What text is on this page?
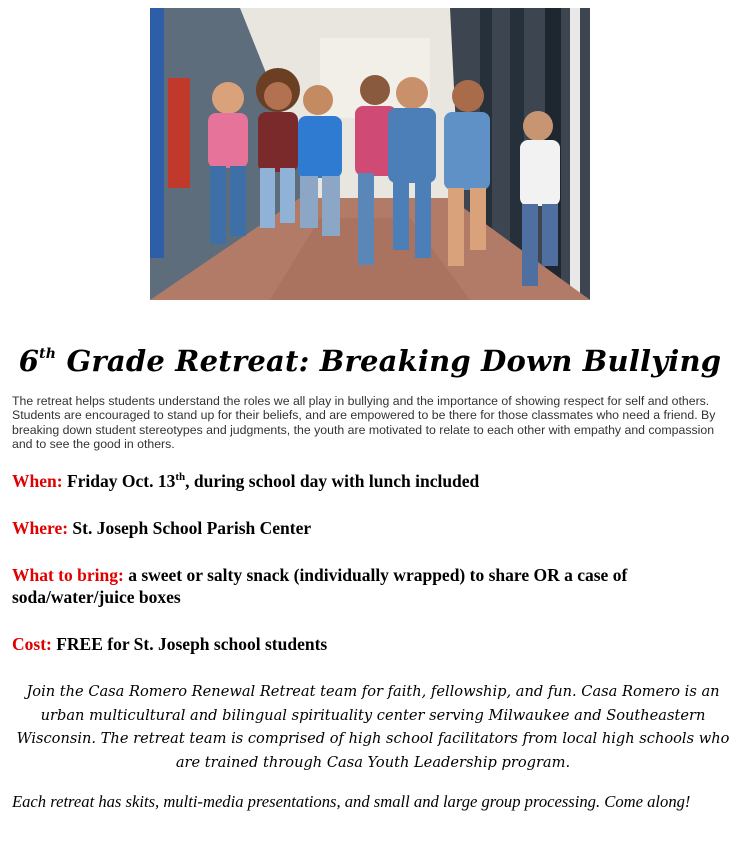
6th Grade Retreat: Breaking Down Bullying

The retreat helps students understand the roles we all play in bullying and the importance of showing respect for self and others. Students are encouraged to stand up for their beliefs, and are empowered to be there for those classmates who need a friend. By breaking down student stereotypes and judgments, the youth are motivated to relate to each other with empathy and compassion and to see the good in others.

When: Friday Oct. 13th, during school day with lunch included
Where: St. Joseph School Parish Center
What to bring: a sweet or salty snack (individually wrapped) to share OR a case of soda/water/juice boxes
Cost: FREE for St. Joseph school students

Join the Casa Romero Renewal Retreat team for faith, fellowship, and fun. Casa Romero is an urban multicultural and bilingual spirituality center serving Milwaukee and Southeastern Wisconsin. The retreat team is comprised of high school facilitators from local high schools who are trained through Casa Youth Leadership program.

Each retreat has skits, multi-media presentations, and small and large group processing. Come along!
